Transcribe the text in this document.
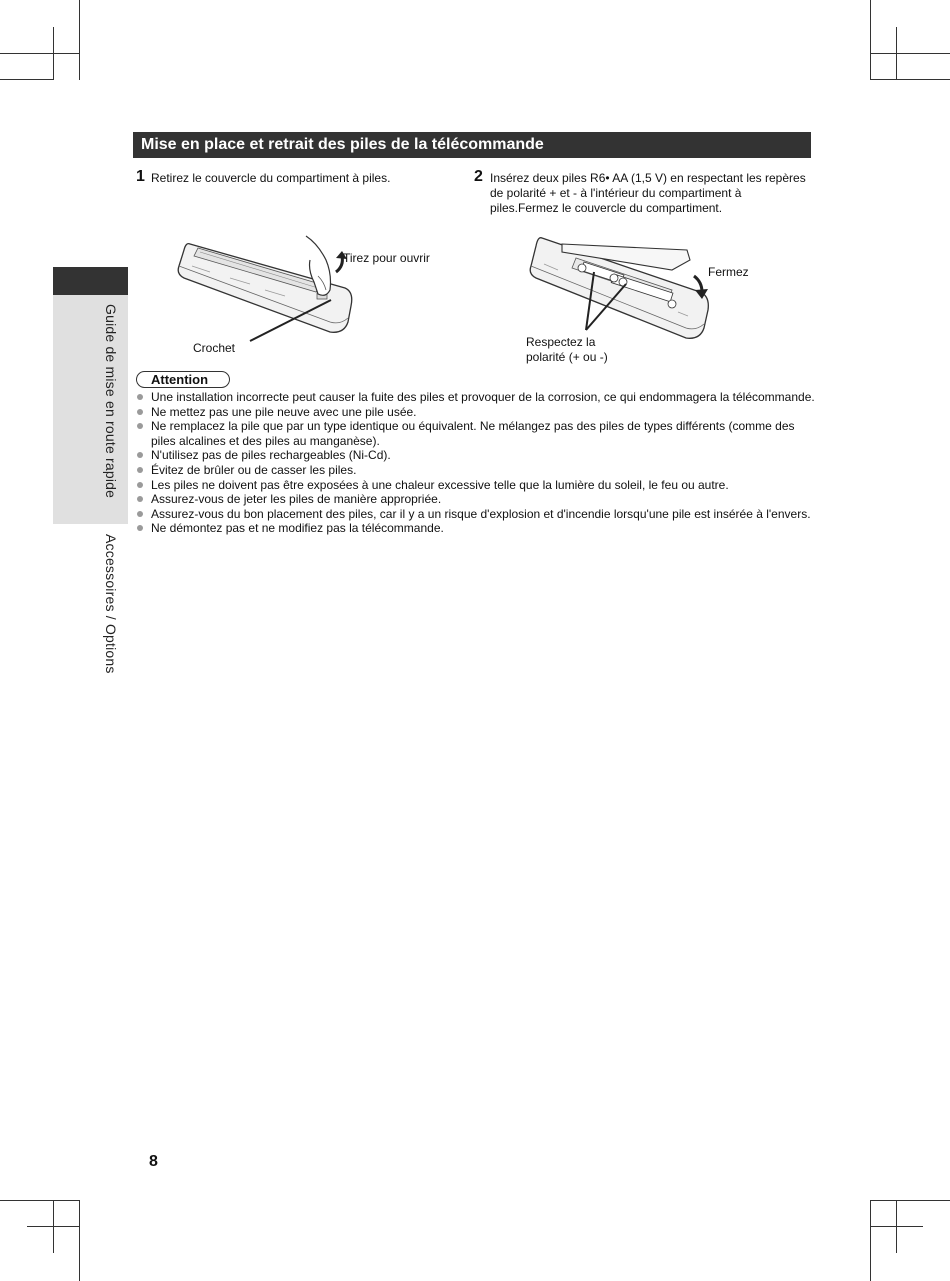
Mise en place et retrait des piles de la télécommande
Guide de mise en route rapide
Accessoires / Options
1 Retirez le couvercle du compartiment à piles.	2 Insérez deux piles R6• AA (1,5 V) en respectant les repères de polarité + et - à l'intérieur du compartiment à piles.Fermez le couvercle du compartiment.
Tirez pour ouvrir
Crochet
Fermez
Respectez la
polarité (+ ou -)
Attention
Une installation incorrecte peut causer la fuite des piles et provoquer de la corrosion, ce qui endommagera la télécommande.
Ne mettez pas une pile neuve avec une pile usée.
Ne remplacez la pile que par un type identique ou équivalent. Ne mélangez pas des piles de types différents (comme des piles alcalines et des piles au manganèse).
N'utilisez pas de piles rechargeables (Ni-Cd).
Évitez de brûler ou de casser les piles.
Les piles ne doivent pas être exposées à une chaleur excessive telle que la lumière du soleil, le feu ou autre.
Assurez-vous de jeter les piles de manière appropriée.
Assurez-vous du bon placement des piles, car il y a un risque d'explosion et d'incendie lorsqu'une pile est insérée à l'envers.
Ne démontez pas et ne modifiez pas la télécommande.
8
